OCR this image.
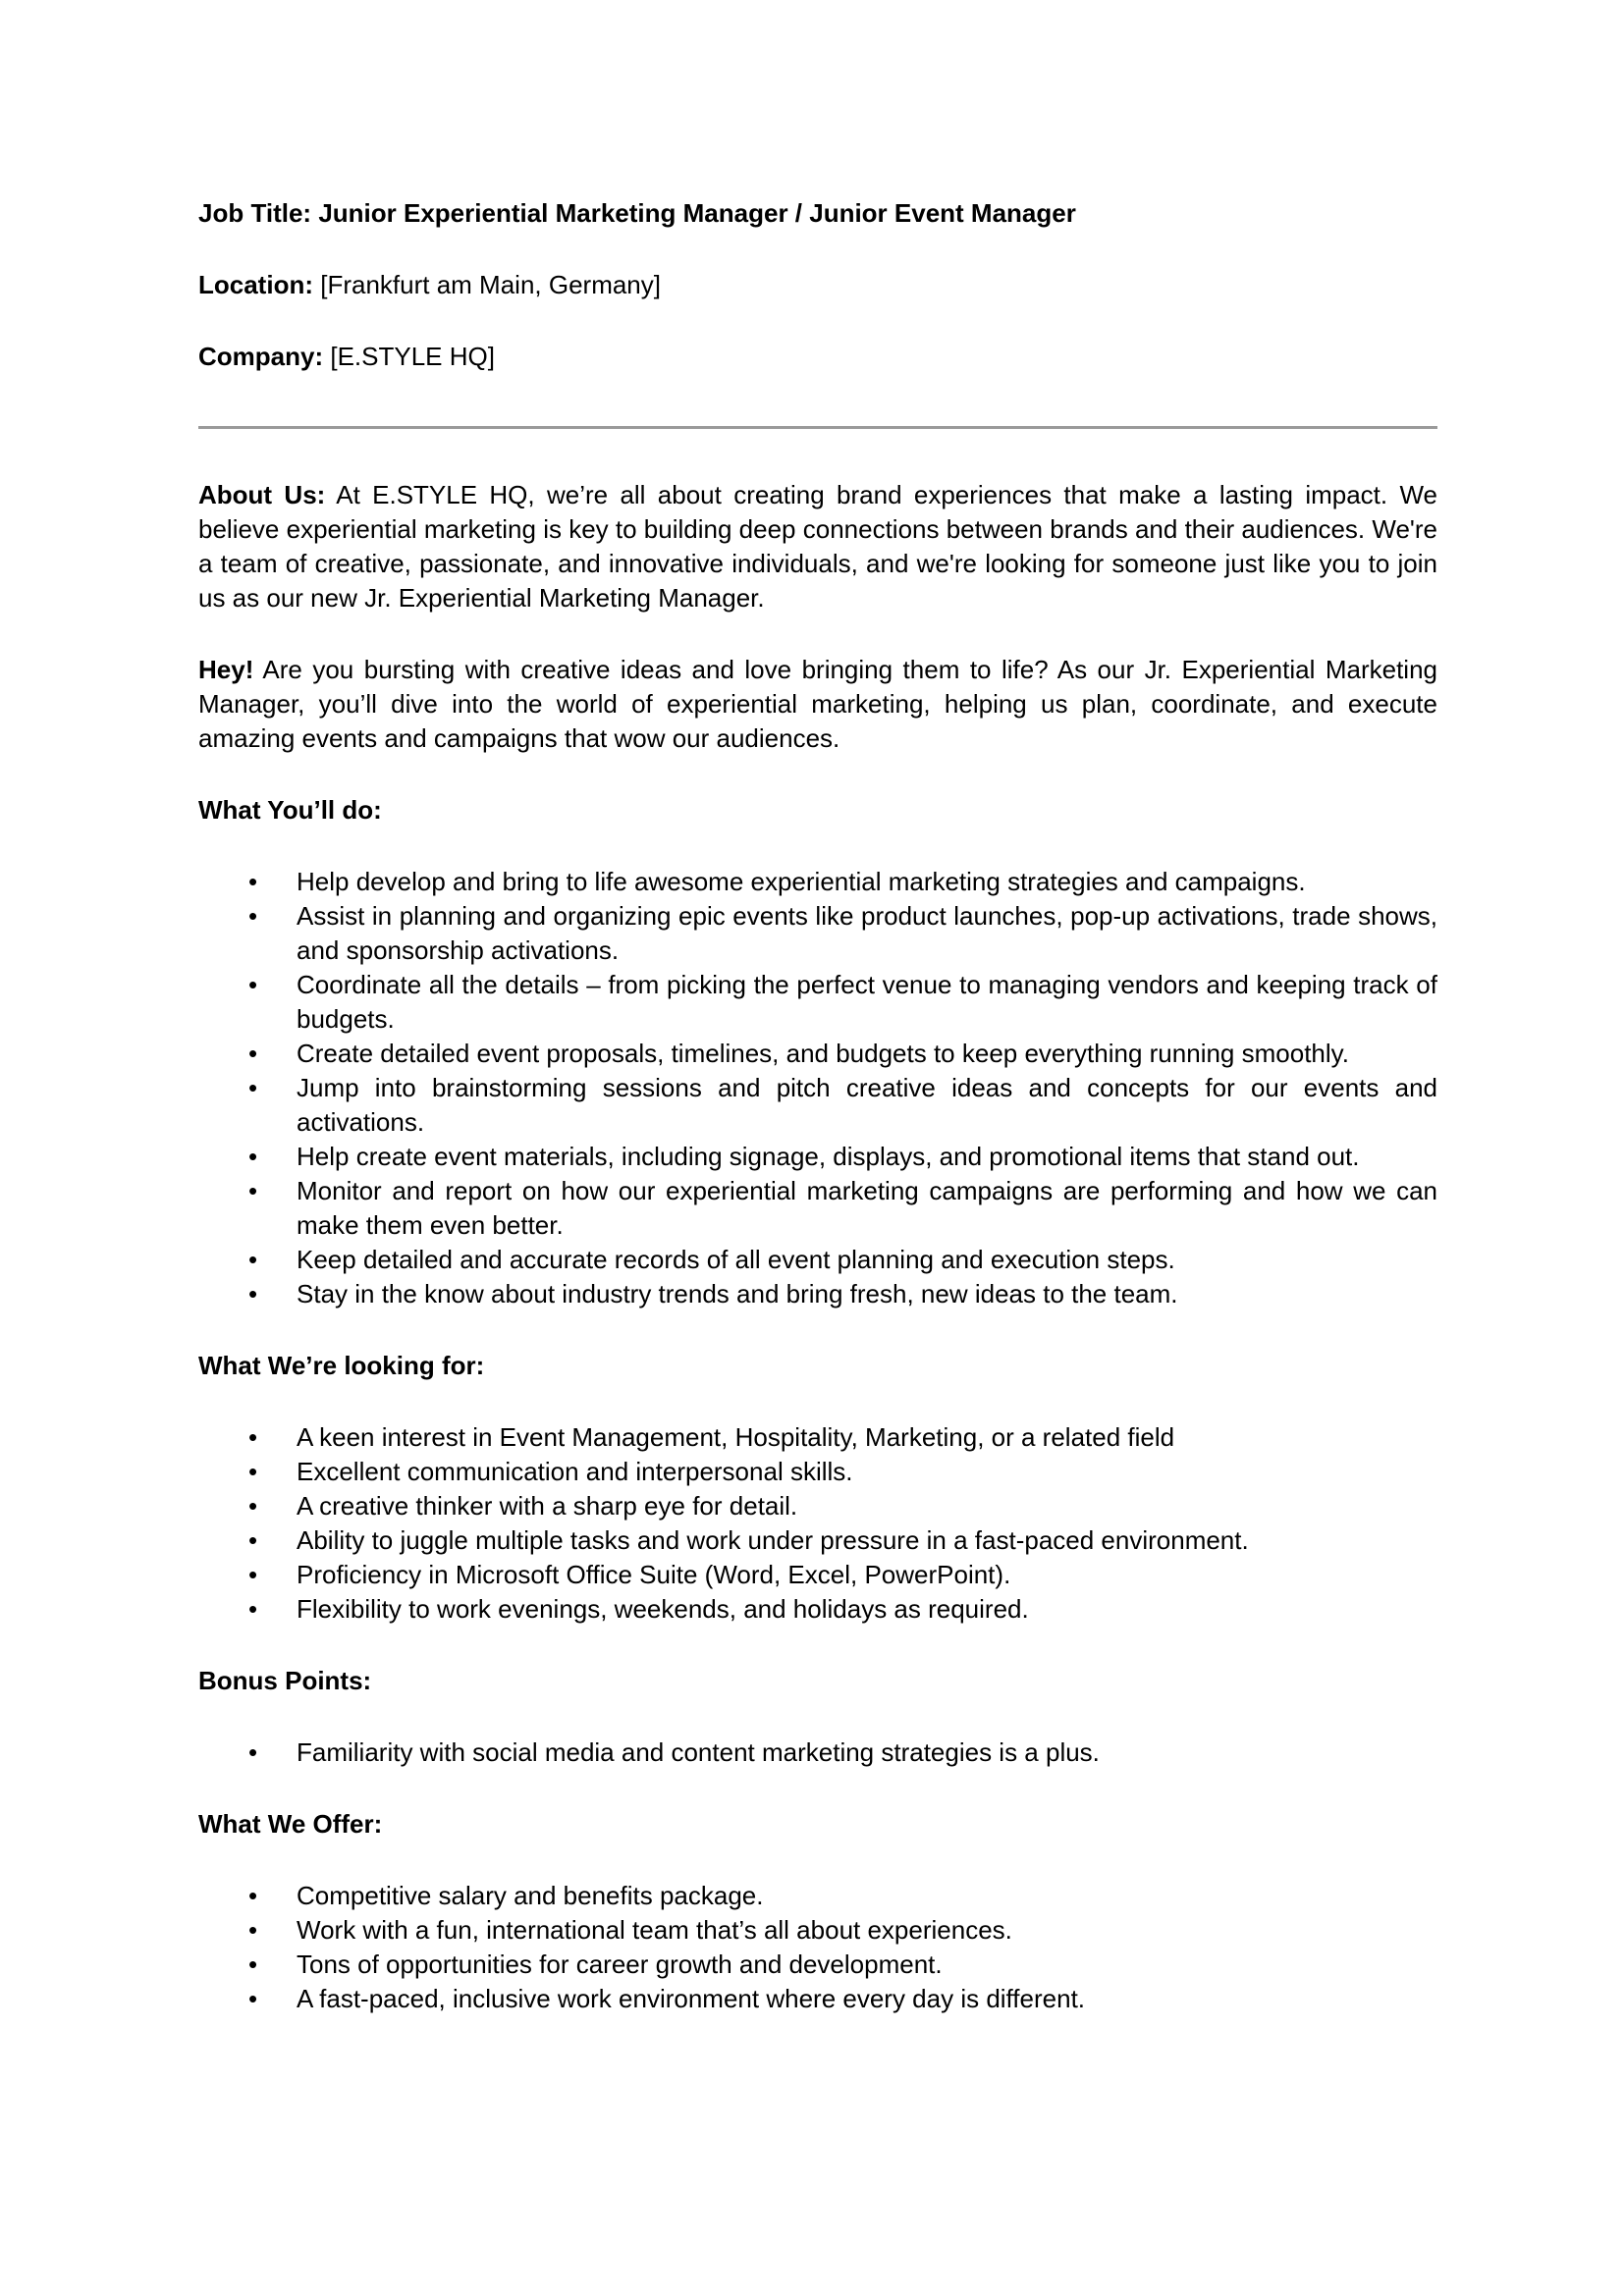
Job Title: Junior Experiential Marketing Manager / Junior Event Manager

Location: [Frankfurt am Main, Germany]

Company: [E.STYLE HQ]

About Us: At E.STYLE HQ, we’re all about creating brand experiences that make a lasting impact. We believe experiential marketing is key to building deep connections between brands and their audiences. We're a team of creative, passionate, and innovative individuals, and we're looking for someone just like you to join us as our new Jr. Experiential Marketing Manager.

Hey! Are you bursting with creative ideas and love bringing them to life? As our Jr. Experiential Marketing Manager, you’ll dive into the world of experiential marketing, helping us plan, coordinate, and execute amazing events and campaigns that wow our audiences.

What You’ll do:

•	Help develop and bring to life awesome experiential marketing strategies and campaigns.
•	Assist in planning and organizing epic events like product launches, pop-up activations, trade shows, and sponsorship activations.
•	Coordinate all the details – from picking the perfect venue to managing vendors and keeping track of budgets.
•	Create detailed event proposals, timelines, and budgets to keep everything running smoothly.
•	Jump into brainstorming sessions and pitch creative ideas and concepts for our events and activations.
•	Help create event materials, including signage, displays, and promotional items that stand out.
•	Monitor and report on how our experiential marketing campaigns are performing and how we can make them even better.
•	Keep detailed and accurate records of all event planning and execution steps.
•	Stay in the know about industry trends and bring fresh, new ideas to the team.

What We’re looking for:

•	A keen interest in Event Management, Hospitality, Marketing, or a related field
•	Excellent communication and interpersonal skills.
•	A creative thinker with a sharp eye for detail.
•	Ability to juggle multiple tasks and work under pressure in a fast-paced environment.
•	Proficiency in Microsoft Office Suite (Word, Excel, PowerPoint).
•	Flexibility to work evenings, weekends, and holidays as required.

Bonus Points:

•	Familiarity with social media and content marketing strategies is a plus.

What We Offer:

•	Competitive salary and benefits package.
•	Work with a fun, international team that’s all about experiences.
•	Tons of opportunities for career growth and development.
•	A fast-paced, inclusive work environment where every day is different.
